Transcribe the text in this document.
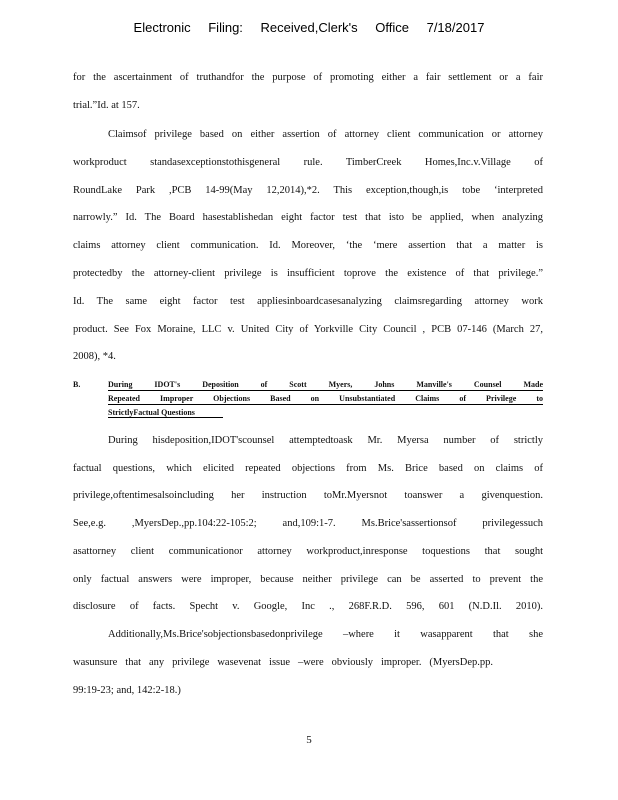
Electronic Filing: Received,Clerk's Office 7/18/2017
for the ascertainment of truthandfor the purpose of promoting either a fair settlement or a fair
trial.”Id. at 157.
Claimsof privilege based on either assertion of attorney client communication or attorney
workproduct standasexceptionstothisgeneral rule. TimberCreek Homes,Inc.v.Village of
RoundLake Park ,PCB 14-99(May 12,2014),*2. This exception,though,is tobe ‘interpreted
narrowly.” Id. The Board hasestablishedan eight factor test that isto be applied, when analyzing
claims attorney client communication. Id. Moreover, ‘the ‘mere assertion that a matter is
protectedby the attorney-client privilege is insufficient toprove the existence of that privilege.”
Id. The same eight factor test appliesinboardcasesanalyzing claimsregarding attorney work
product. See Fox Moraine, LLC v. United City of Yorkville City Council , PCB 07-146 (March 27,
2008), *4.
B.	During IDOT's Deposition of Scott Myers, Johns Manville's Counsel Made
Repeated Improper Objections Based on Unsubstantiated Claims of Privilege to
StrictlyFactual Questions
During hisdeposition,IDOT'scounsel attemptedtoask Mr. Myersa number of strictly
factual questions, which elicited repeated objections from Ms. Brice based on claims of
privilege,oftentimesalsoincluding her instruction toMr.Myersnot toanswer a givenquestion.
See,e.g. ,MyersDep.,pp.104:22-105:2; and,109:1-7. Ms.Brice'sassertionsof privilegessuch
asattorney client communicationor attorney workproduct,inresponse toquestions that sought
only factual answers were improper, because neither privilege can be asserted to prevent the
disclosure of facts. Specht v. Google, Inc ., 268F.R.D. 596, 601 (N.D.Il. 2010).
Additionally,Ms.Brice'sobjectionsbasedonprivilege –where it wasapparent that she
wasunsure that any privilege wasevenat issue –were obviously improper. (MyersDep.pp.
99:19-23; and, 142:2-18.)
5
